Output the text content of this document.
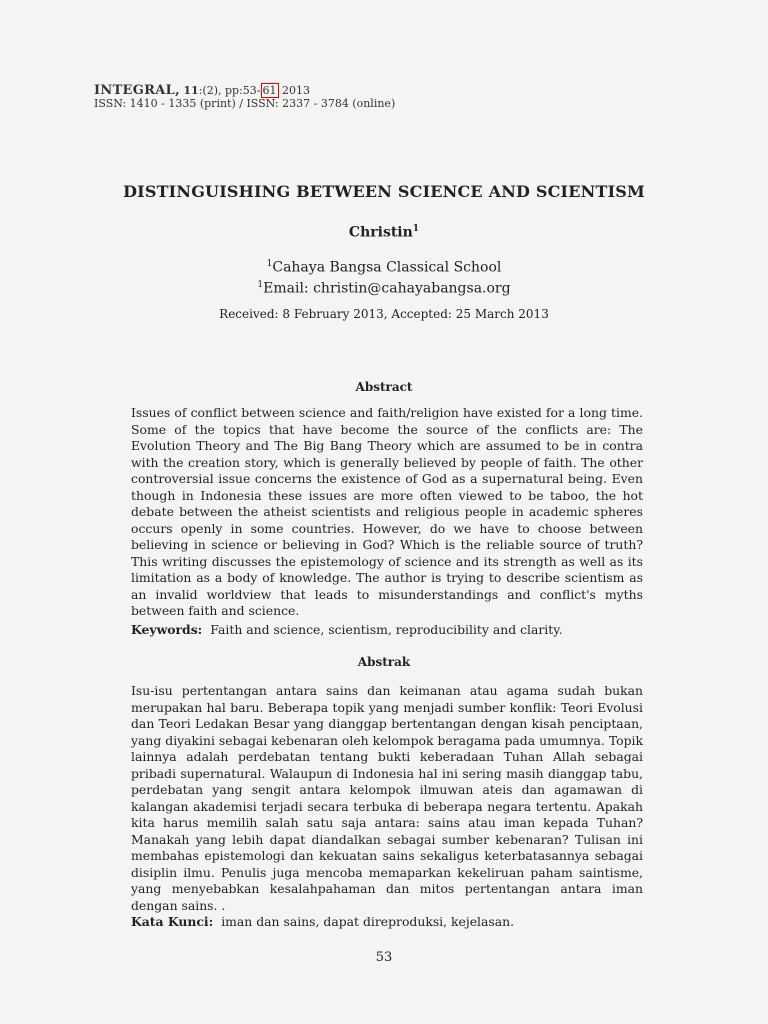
INTEGRAL, 11:(2), pp:53- 61 2013
ISSN: 1410 - 1335 (print) / ISSN: 2337 - 3784 (online)
DISTINGUISHING BETWEEN SCIENCE AND SCIENTISM
Christin$^1$
$^1$Cahaya Bangsa Classical School
$^1$Email: christin@cahayabangsa.org
Received: 8 February 2013, Accepted: 25 March 2013
Abstract
Issues of conflict between science and faith/religion have existed for a long time. Some of the topics that have become the source of the conflicts are: The Evolution Theory and The Big Bang Theory which are assumed to be in contra with the creation story, which is generally believed by people of faith. The other controversial issue concerns the existence of God as a supernatural being. Even though in Indonesia these issues are more often viewed to be taboo, the hot debate between the atheist scientists and religious people in academic spheres occurs openly in some countries. However, do we have to choose between believing in science or believing in God? Which is the reliable source of truth? This writing discusses the epistemology of science and its strength as well as its limitation as a body of knowledge. The author is trying to describe scientism as an invalid worldview that leads to misunderstandings and conflict's myths between faith and science.
Keywords: Faith and science, scientism, reproducibility and clarity.
Abstrak
Isu-isu pertentangan antara sains dan keimanan atau agama sudah bukan merupakan hal baru. Beberapa topik yang menjadi sumber konflik: Teori Evolusi dan Teori Ledakan Besar yang dianggap bertentangan dengan kisah penciptaan, yang diyakini sebagai kebenaran oleh kelompok beragama pada umumnya. Topik lainnya adalah perdebatan tentang bukti keberadaan Tuhan Allah sebagai pribadi supernatural. Walaupun di Indonesia hal ini sering masih dianggap tabu, perdebatan yang sengit antara kelompok ilmuwan ateis dan agamawan di kalangan akademisi terjadi secara terbuka di beberapa negara tertentu. Apakah kita harus memilih salah satu saja antara: sains atau iman kepada Tuhan? Manakah yang lebih dapat diandalkan sebagai sumber kebenaran? Tulisan ini membahas epistemologi dan kekuatan sains sekaligus keterbatasannya sebagai disiplin ilmu. Penulis juga mencoba memaparkan kekeliruan paham saintisme, yang menyebabkan kesalahpahaman dan mitos pertentangan antara iman dengan sains. .
Kata Kunci: iman dan sains, dapat direproduksi, kejelasan.
53
